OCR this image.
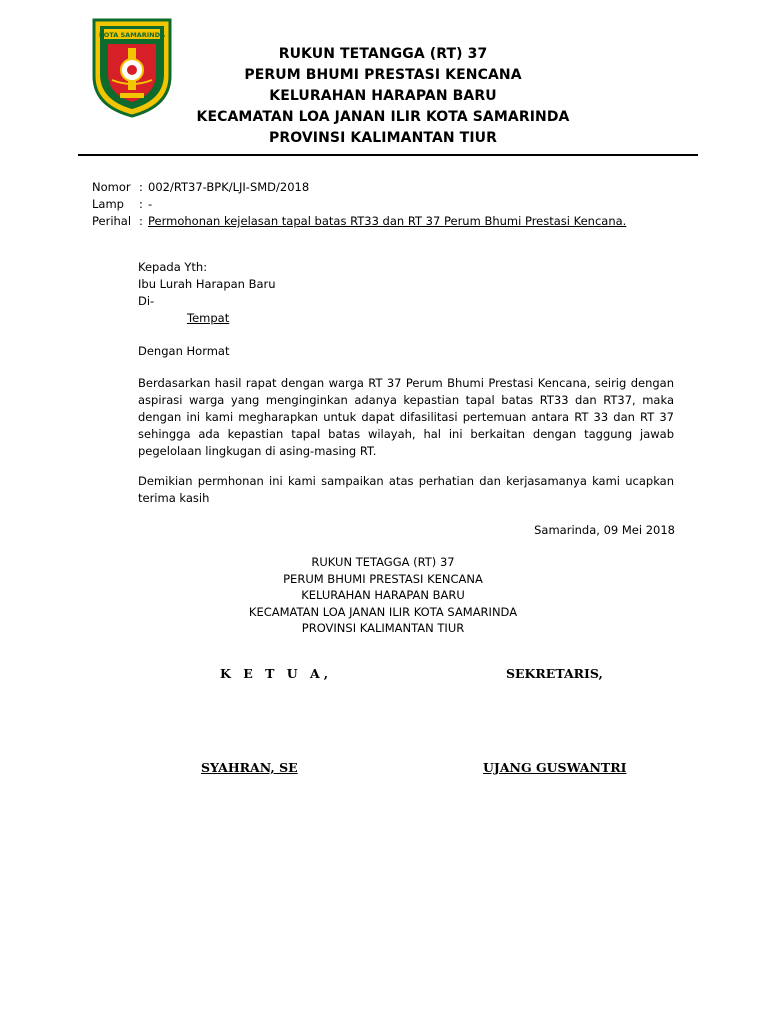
KOTA SAMARINDA
RUKUN TETANGGA (RT) 37
PERUM BHUMI PRESTASI KENCANA
KELURAHAN HARAPAN BARU
KECAMATAN LOA JANAN ILIR KOTA SAMARINDA
PROVINSI KALIMANTAN TIUR
Nomor : 002/RT37-BPK/LJI-SMD/2018
Lamp	: -
Perihal : Permohonan kejelasan tapal batas RT33 dan RT 37 Perum Bhumi Prestasi Kencana.
Kepada Yth:
Ibu Lurah Harapan Baru
Di-
Tempat
Dengan Hormat
Berdasarkan hasil rapat dengan warga RT 37 Perum Bhumi Prestasi Kencana, seirig dengan aspirasi warga yang menginginkan adanya kepastian tapal batas RT33 dan RT37, maka dengan ini kami megharapkan untuk dapat difasilitasi pertemuan antara RT 33 dan RT 37 sehingga ada kepastian tapal batas wilayah, hal ini berkaitan dengan taggung jawab pegelolaan lingkugan di asing-masing RT.
Demikian permhonan ini kami sampaikan atas perhatian dan kerjasamanya kami ucapkan terima kasih
Samarinda, 09 Mei 2018
RUKUN TETAGGA (RT) 37
PERUM BHUMI PRESTASI KENCANA
KELURAHAN HARAPAN BARU
KECAMATAN LOA JANAN ILIR KOTA SAMARINDA
PROVINSI KALIMANTAN TIUR
K E T U A,	SEKRETARIS,
SYAHRAN, SE	UJANG GUSWANTRI
